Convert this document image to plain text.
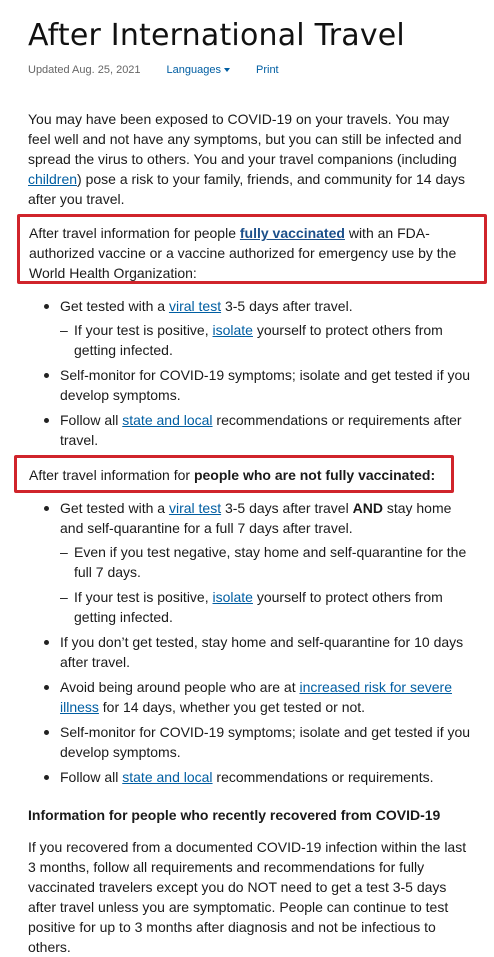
After International Travel
Updated Aug. 25, 2021 Languages	Print

You may have been exposed to COVID-19 on your travels. You may feel well and not have any symptoms, but you can still be infected and spread the virus to others. You and your travel companions (including children) pose a risk to your family, friends, and community for 14 days after you travel.

After travel information for people fully vaccinated with an FDA-authorized vaccine or a vaccine authorized for emergency use by the World Health Organization:

Get tested with a viral test 3-5 days after travel.
– If your test is positive, isolate yourself to protect others from getting infected.
Self-monitor for COVID-19 symptoms; isolate and get tested if you develop symptoms.
Follow all state and local recommendations or requirements after travel.

After travel information for people who are not fully vaccinated:

Get tested with a viral test 3-5 days after travel AND stay home and self-quarantine for a full 7 days after travel.
– Even if you test negative, stay home and self-quarantine for the full 7 days.
– If your test is positive, isolate yourself to protect others from getting infected.
If you don’t get tested, stay home and self-quarantine for 10 days after travel.
Avoid being around people who are at increased risk for severe illness for 14 days, whether you get tested or not.
Self-monitor for COVID-19 symptoms; isolate and get tested if you develop symptoms.
Follow all state and local recommendations or requirements.
Information for people who recently recovered from COVID-19

If you recovered from a documented COVID-19 infection within the last 3 months, follow all requirements and recommendations for fully vaccinated travelers except you do NOT need to get a test 3-5 days after travel unless you are symptomatic. People can continue to test positive for up to 3 months after diagnosis and not be infectious to others.
